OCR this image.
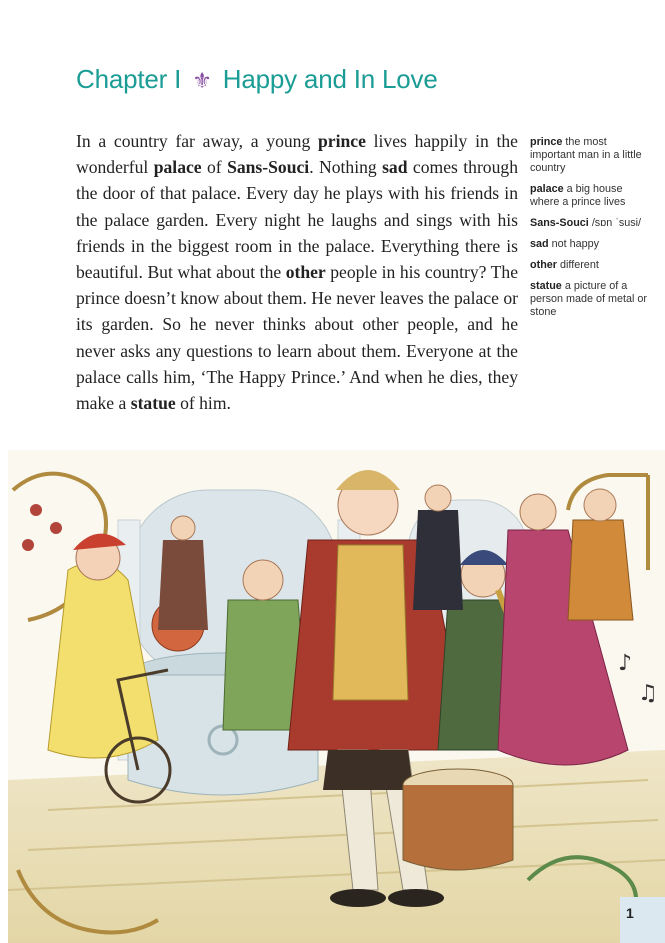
Chapter I ⚜ Happy and In Love

In a country far away, a young prince lives happily in the wonderful palace of Sans-Souci. Nothing sad comes through the door of that palace. Every day he plays with his friends in the palace garden. Every night he laughs and sings with his friends in the biggest room in the palace. Everything there is beautiful. But what about the other people in his country? The prince doesn’t know about them. He never leaves the palace or its garden. So he never thinks about other people, and he never asks any questions to learn about them. Everyone at the palace calls him, ‘The Happy Prince.’ And when he dies, they make a statue of him.

prince the most important man in a little country
palace a big house where a prince lives
Sans-Souci /sɒn ˈsusi/
sad not happy
other different
statue a picture of a person made of metal or stone
♪
♫
1
